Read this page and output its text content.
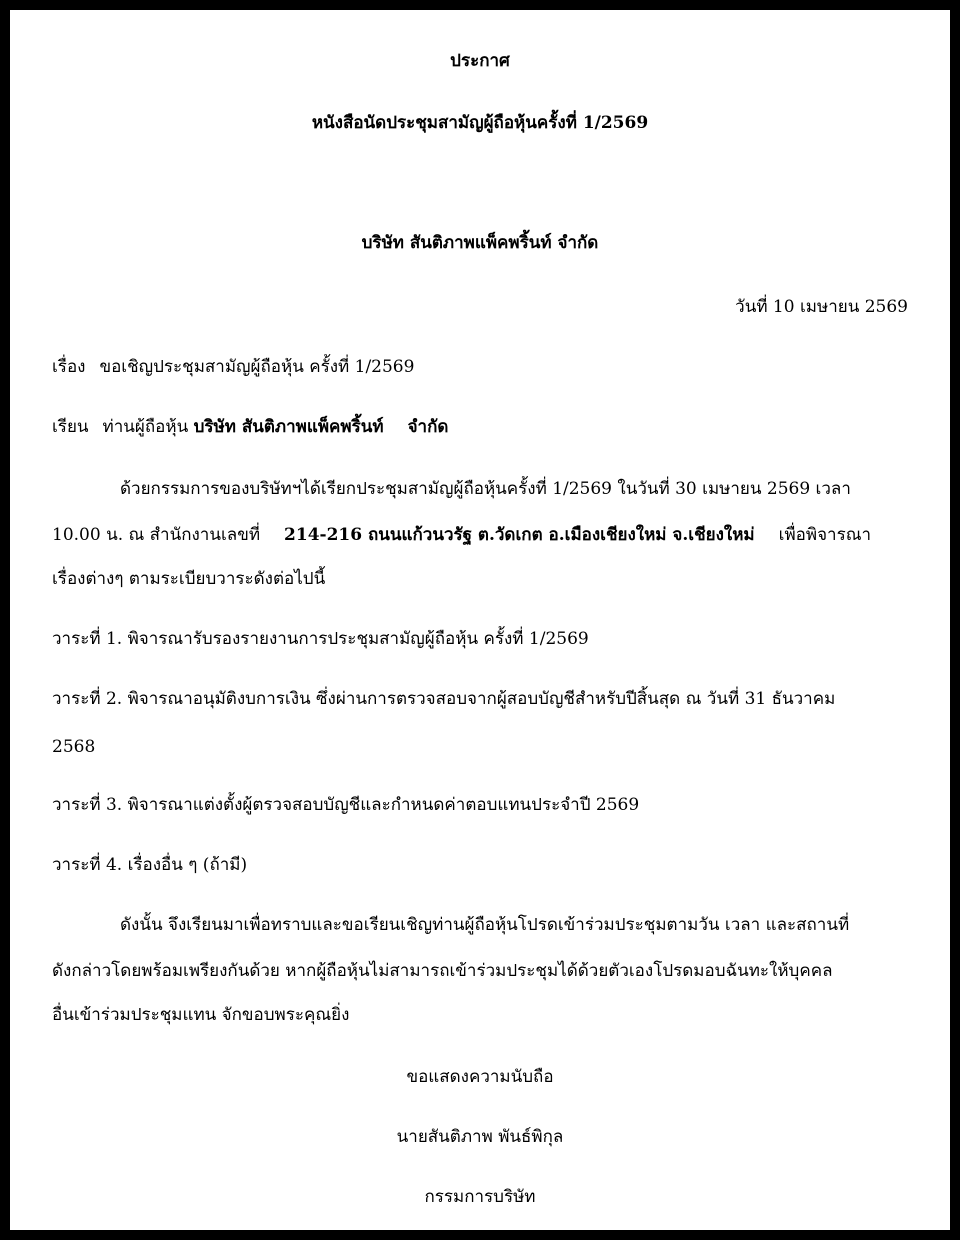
ประกาศ
หนังสือนัดประชุมสามัญผู้ถือหุ้นครั้งที่ 1/2569
บริษัท สันติภาพแพ็คพริ้นท์ จำกัด
วันที่ 10 เมษายน 2569
เรื่อง ขอเชิญประชุมสามัญผู้ถือหุ้น ครั้งที่ 1/2569
เรียน ท่านผู้ถือหุ้น บริษัท สันติภาพแพ็คพริ้นท์ จำกัด
ด้วยกรรมการของบริษัทฯได้เรียกประชุมสามัญผู้ถือหุ้นครั้งที่ 1/2569 ในวันที่ 30 เมษายน 2569 เวลา
10.00 น. ณ สำนักงานเลขที่ 214-216 ถนนแก้วนวรัฐ ต.วัดเกต อ.เมืองเชียงใหม่ จ.เชียงใหม่ เพื่อพิจารณา
เรื่องต่างๆ ตามระเบียบวาระดังต่อไปนี้
วาระที่ 1. พิจารณารับรองรายงานการประชุมสามัญผู้ถือหุ้น ครั้งที่ 1/2569
วาระที่ 2. พิจารณาอนุมัติงบการเงิน ซึ่งผ่านการตรวจสอบจากผู้สอบบัญชีสำหรับปีสิ้นสุด ณ วันที่ 31 ธันวาคม
2568
วาระที่ 3. พิจารณาแต่งตั้งผู้ตรวจสอบบัญชีและกำหนดค่าตอบแทนประจำปี 2569
วาระที่ 4. เรื่องอื่น ๆ (ถ้ามี)
ดังนั้น จึงเรียนมาเพื่อทราบและขอเรียนเชิญท่านผู้ถือหุ้นโปรดเข้าร่วมประชุมตามวัน เวลา และสถานที่
ดังกล่าวโดยพร้อมเพรียงกันด้วย หากผู้ถือหุ้นไม่สามารถเข้าร่วมประชุมได้ด้วยตัวเองโปรดมอบฉันทะให้บุคคล
อื่นเข้าร่วมประชุมแทน จักขอบพระคุณยิ่ง
ขอแสดงความนับถือ
นายสันติภาพ พันธ์พิกุล
กรรมการบริษัท
